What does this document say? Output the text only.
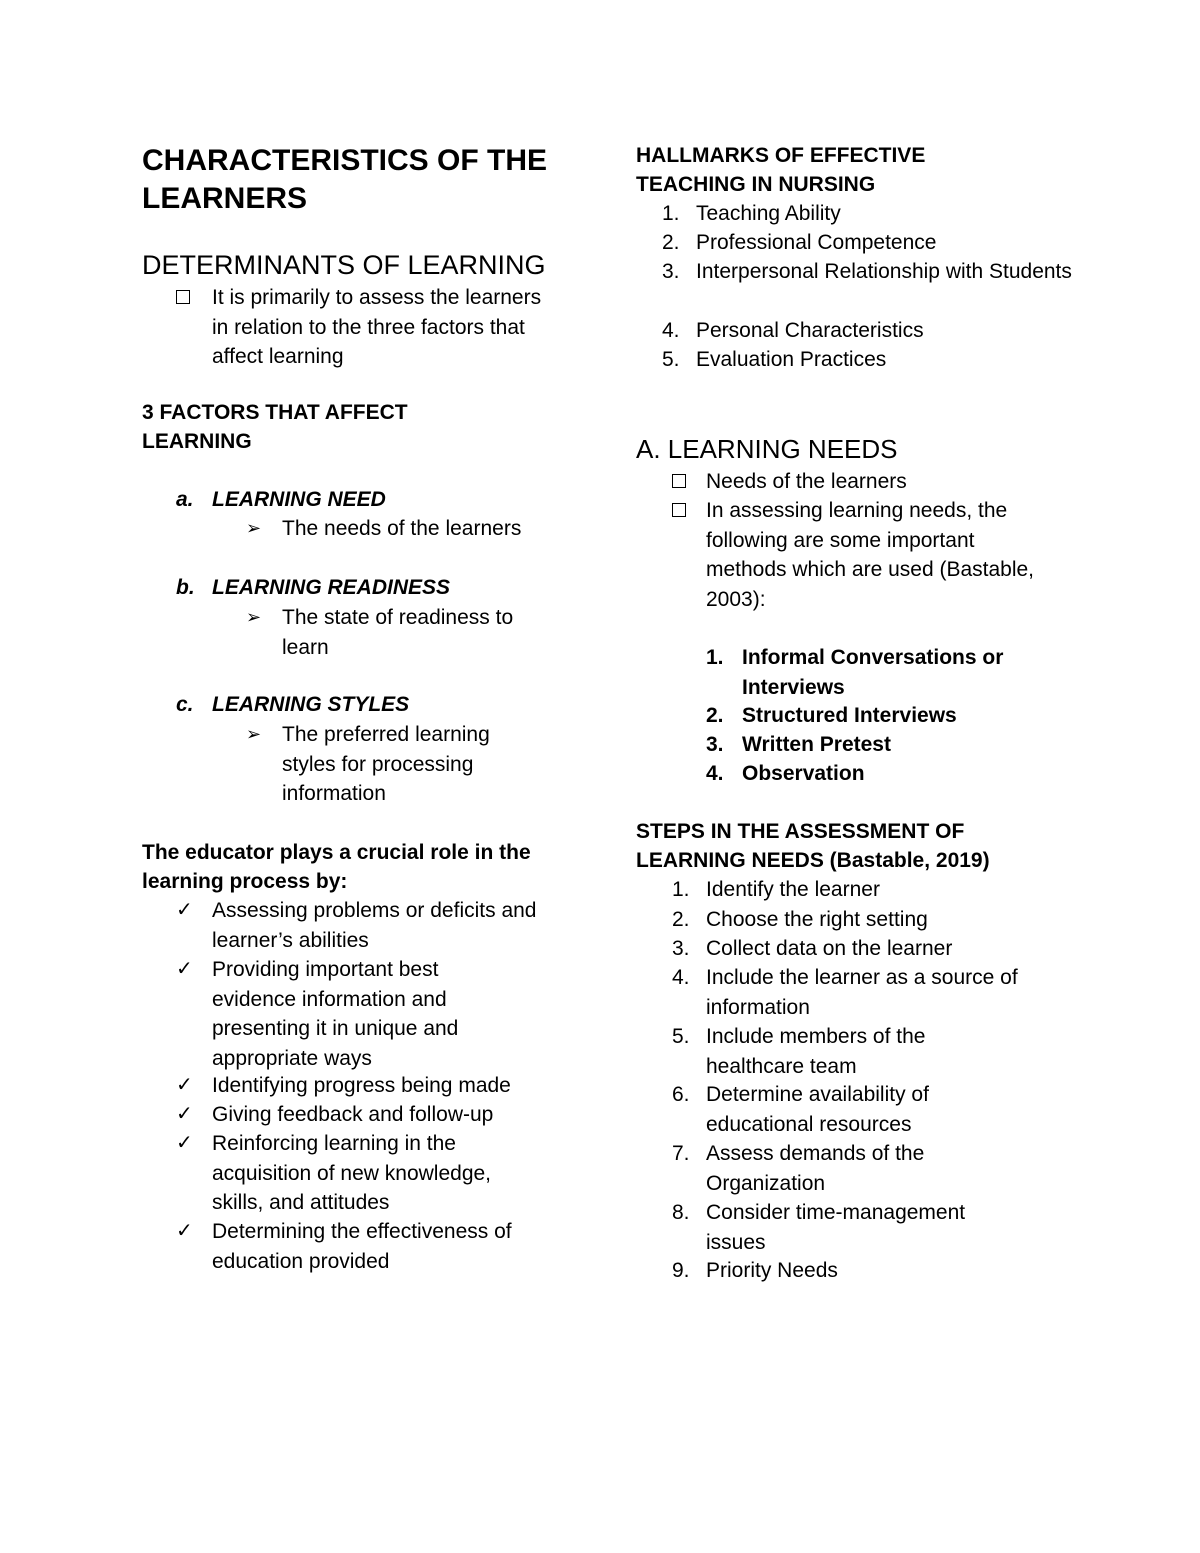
CHARACTERISTICS OF THE
LEARNERS
DETERMINANTS OF LEARNING
It is primarily to assess the learners in relation to the three factors that affect learning
3 FACTORS THAT AFFECT
LEARNING
a. LEARNING NEED
➢ The needs of the learners
b. LEARNING READINESS
➢ The state of readiness to learn
c. LEARNING STYLES
➢ The preferred learning styles for processing information
The educator plays a crucial role in the learning process by:
✓ Assessing problems or deficits and learner’s abilities
✓ Providing important best evidence information and presenting it in unique and appropriate ways
✓ Identifying progress being made
✓ Giving feedback and follow-up
✓ Reinforcing learning in the acquisition of new knowledge, skills, and attitudes
✓ Determining the effectiveness of education provided
HALLMARKS OF EFFECTIVE
TEACHING IN NURSING
1. Teaching Ability
2. Professional Competence
3. Interpersonal Relationship with Students
4. Personal Characteristics
5. Evaluation Practices
A. LEARNING NEEDS
Needs of the learners
In assessing learning needs, the following are some important methods which are used (Bastable, 2003):
1. Informal Conversations or Interviews
2. Structured Interviews
3. Written Pretest
4. Observation
STEPS IN THE ASSESSMENT OF
LEARNING NEEDS (Bastable, 2019)
1. Identify the learner
2. Choose the right setting
3. Collect data on the learner
4. Include the learner as a source of information
5. Include members of the healthcare team
6. Determine availability of educational resources
7. Assess demands of the Organization
8. Consider time-management issues
9. Priority Needs
